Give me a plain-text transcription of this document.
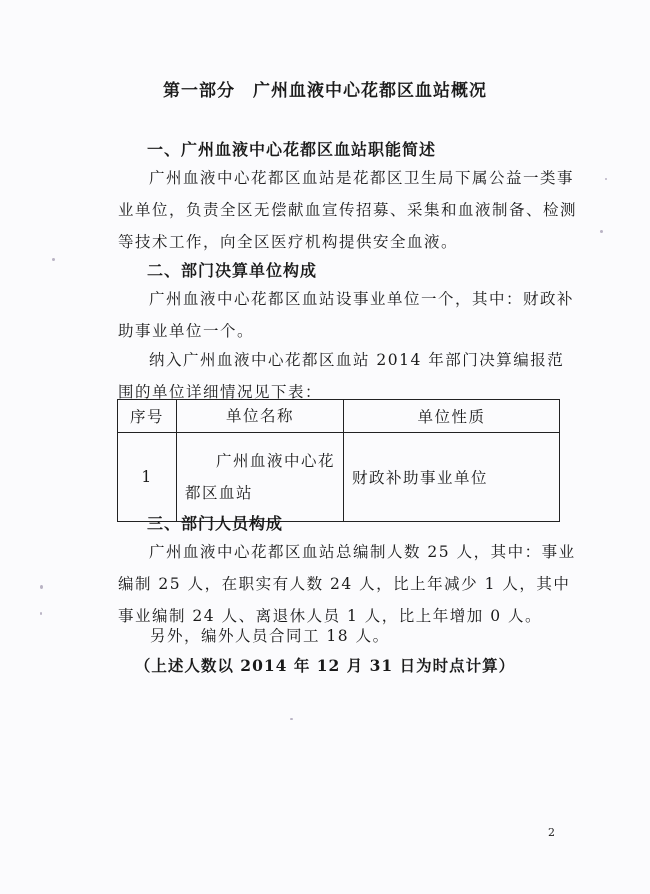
第一部分　广州血液中心花都区血站概况
一、广州血液中心花都区血站职能简述
广州血液中心花都区血站是花都区卫生局下属公益一类事业单位，负责全区无偿献血宣传招募、采集和血液制备、检测等技术工作，向全区医疗机构提供安全血液。
二、部门决算单位构成
广州血液中心花都区血站设事业单位一个，其中：财政补助事业单位一个。
纳入广州血液中心花都区血站 2014 年部门决算编报范围的单位详细情况见下表：
序号	单位名称	单位性质
1	广州血液中心花都区血站	财政补助事业单位
三、部门人员构成
广州血液中心花都区血站总编制人数 25 人，其中：事业编制 25 人，在职实有人数 24 人，比上年减少 1 人，其中事业编制 24 人、离退休人员 1 人，比上年增加 0 人。
另外，编外人员合同工 18 人。
（上述人数以 2014 年 12 月 31 日为时点计算）
2
